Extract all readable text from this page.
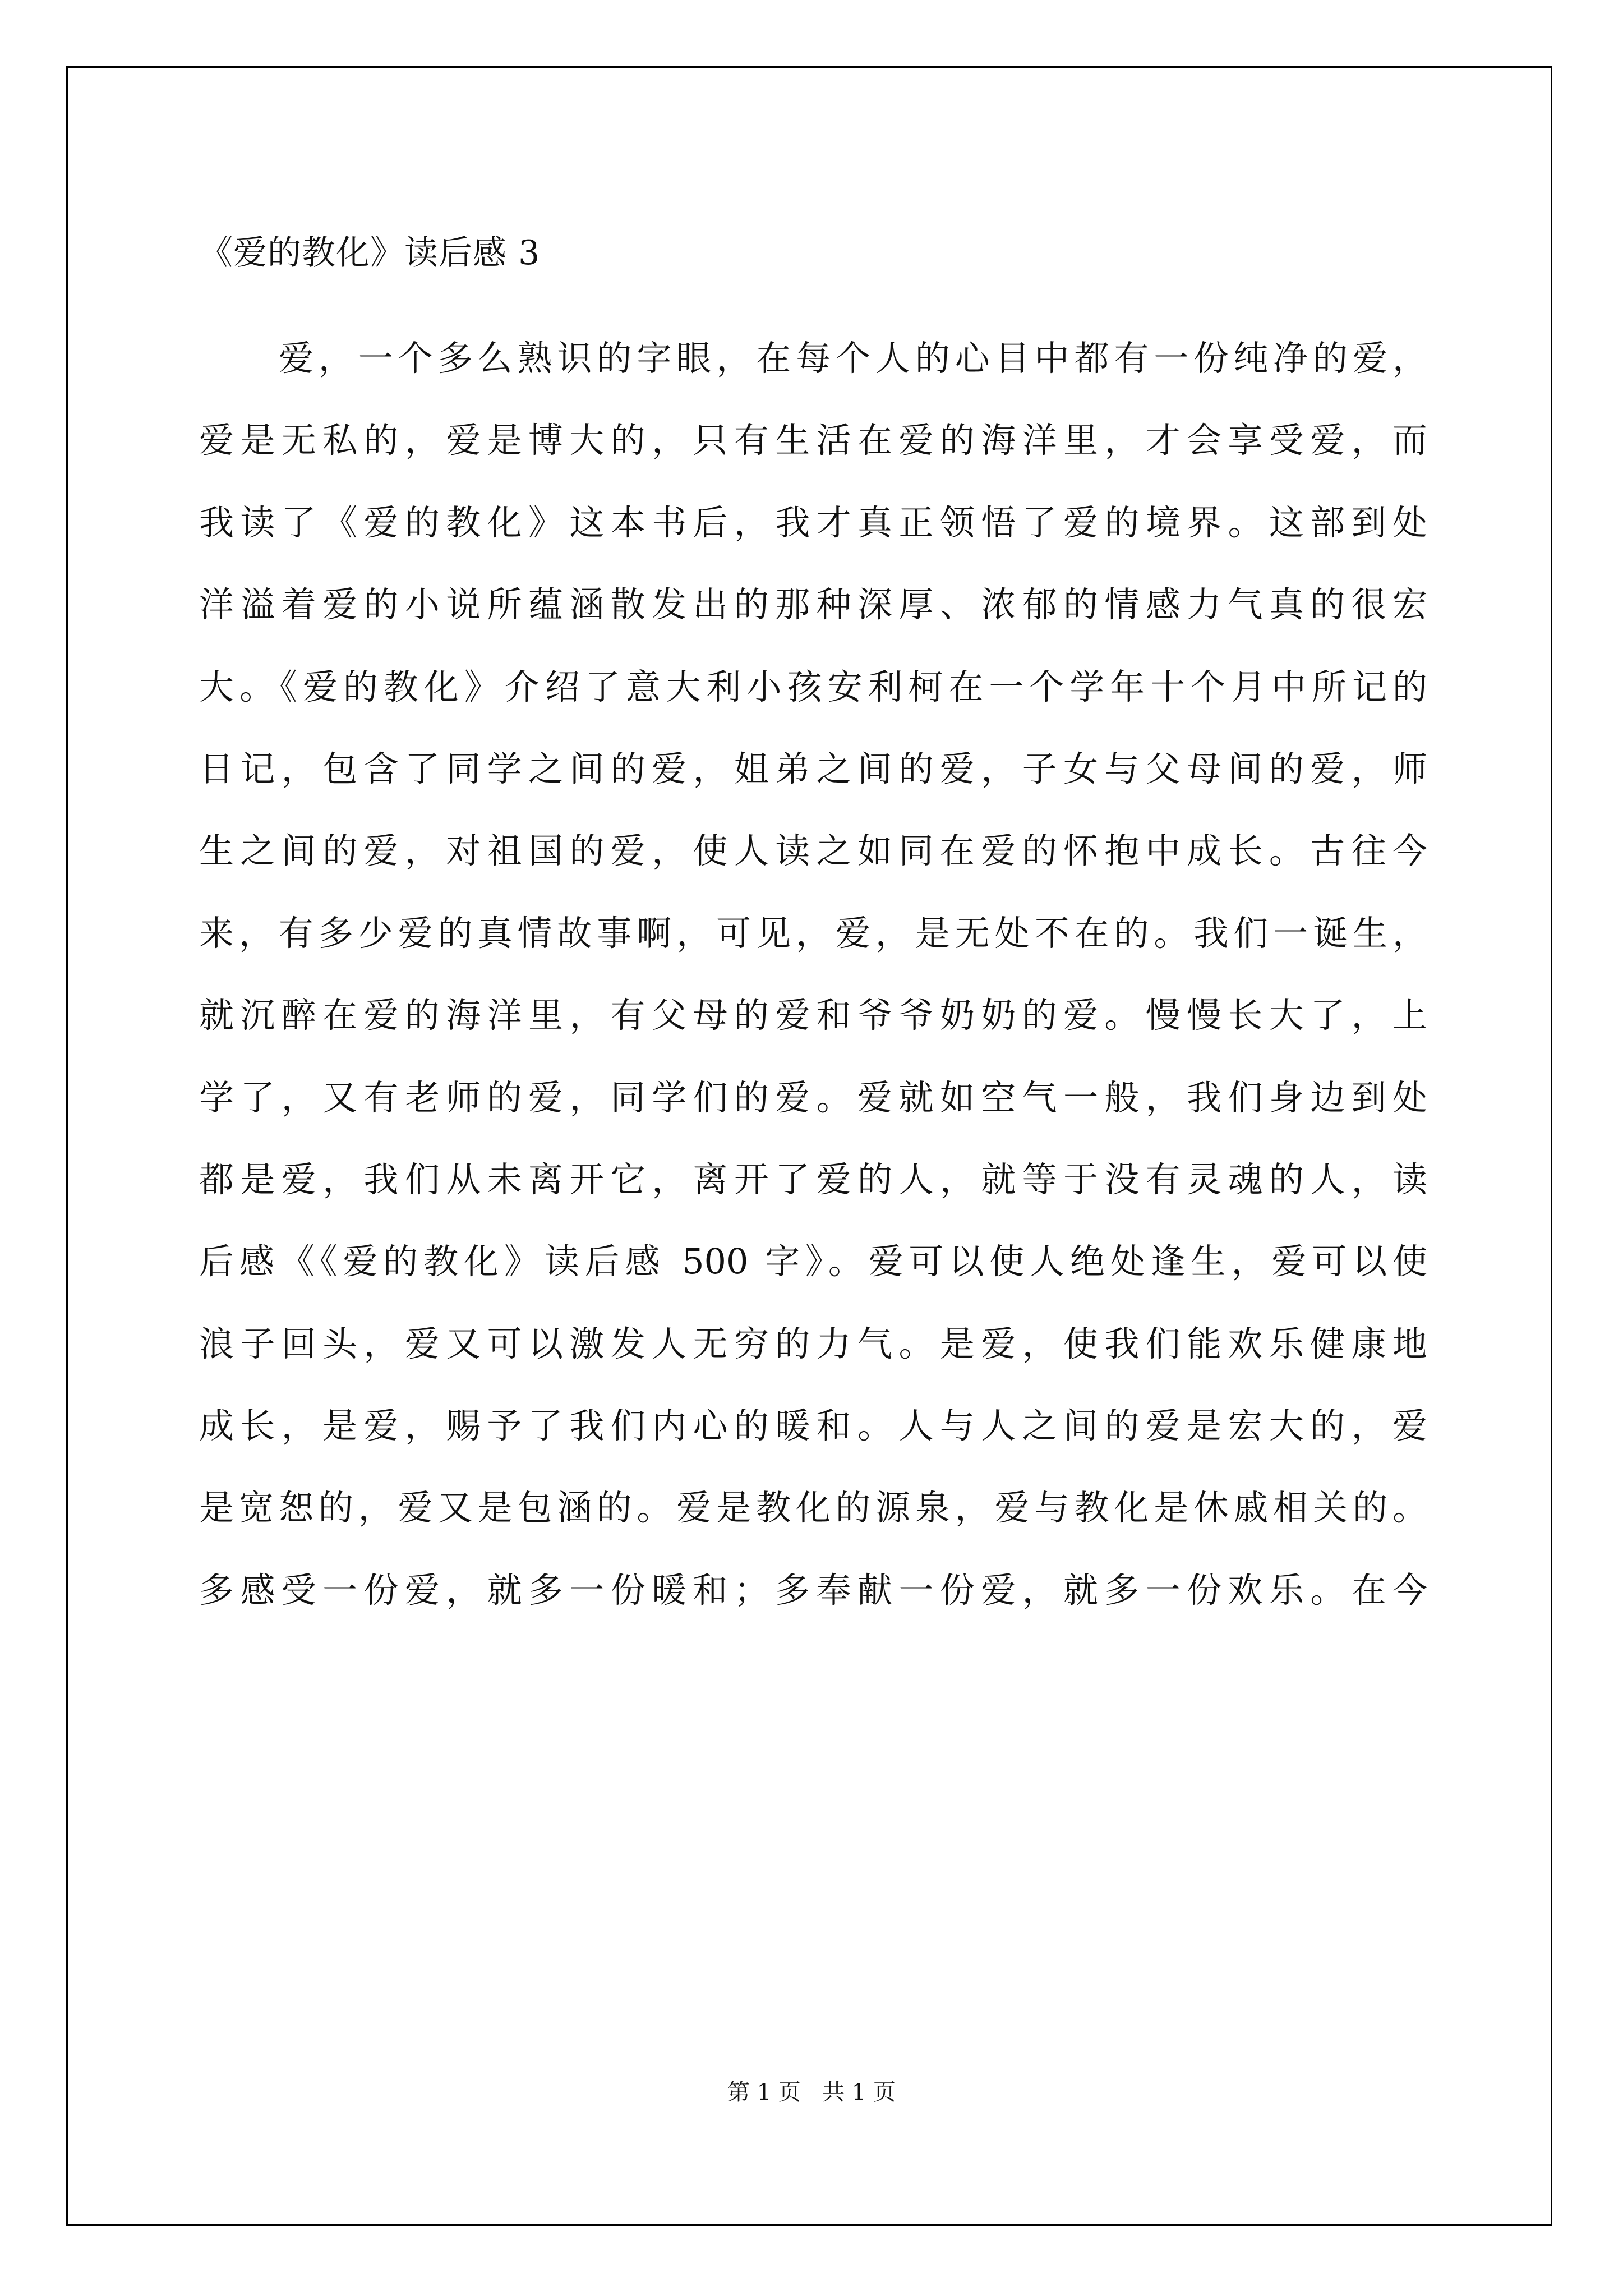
《爱的教化》读后感 3
爱，一个多么熟识的字眼，在每个人的心目中都有一份纯净的爱，
爱是无私的，爱是博大的，只有生活在爱的海洋里，才会享受爱，而
我读了《爱的教化》这本书后，我才真正领悟了爱的境界。这部到处
洋溢着爱的小说所蕴涵散发出的那种深厚、浓郁的情感力气真的很宏
大。《爱的教化》介绍了意大利小孩安利柯在一个学年十个月中所记的
日记，包含了同学之间的爱，姐弟之间的爱，子女与父母间的爱，师
生之间的爱，对祖国的爱，使人读之如同在爱的怀抱中成长。古往今
来，有多少爱的真情故事啊，可见，爱，是无处不在的。我们一诞生，
就沉醉在爱的海洋里，有父母的爱和爷爷奶奶的爱。慢慢长大了，上
学了，又有老师的爱，同学们的爱。爱就如空气一般，我们身边到处
都是爱，我们从未离开它，离开了爱的人，就等于没有灵魂的人，读
后感《《爱的教化》读后感 500 字》。爱可以使人绝处逢生，爱可以使
浪子回头，爱又可以激发人无穷的力气。是爱，使我们能欢乐健康地
成长，是爱，赐予了我们内心的暖和。人与人之间的爱是宏大的，爱
是宽恕的，爱又是包涵的。爱是教化的源泉，爱与教化是休戚相关的。
多感受一份爱，就多一份暖和；多奉献一份爱，就多一份欢乐。在今
第 1 页   共 1 页
